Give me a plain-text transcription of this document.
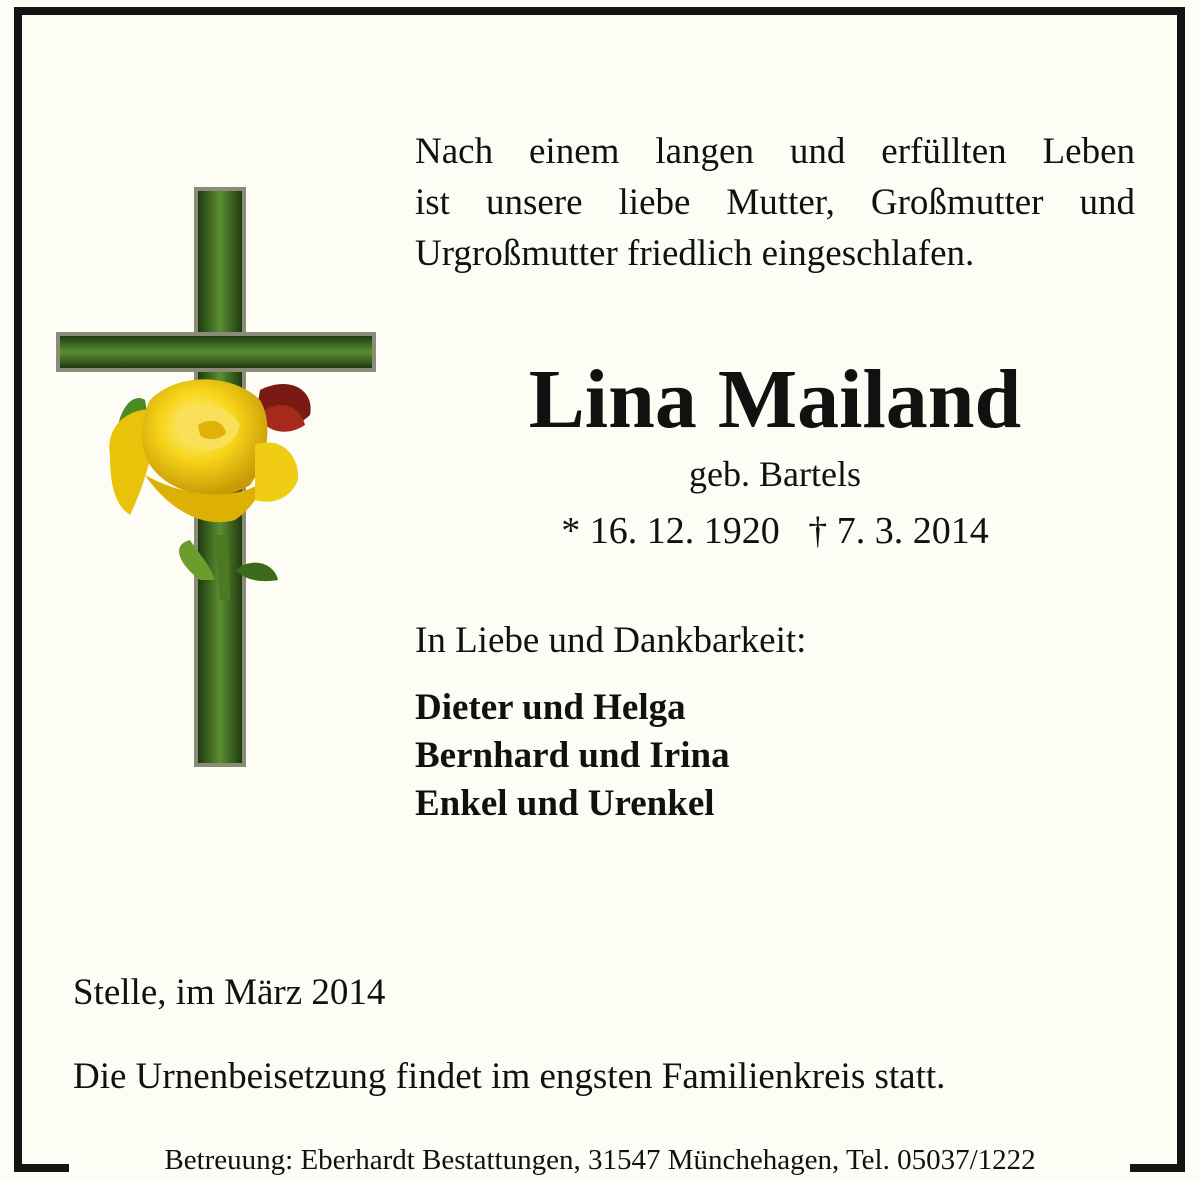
Nach einem langen und erfüllten Leben
ist unsere liebe Mutter, Großmutter und
Urgroßmutter friedlich eingeschlafen.
Lina Mailand
geb. Bartels
* 16. 12. 1920 † 7. 3. 2014
In Liebe und Dankbarkeit:
Dieter und Helga
Bernhard und Irina
Enkel und Urenkel
Stelle, im März 2014
Die Urnenbeisetzung findet im engsten Familienkreis statt.
Betreuung: Eberhardt Bestattungen, 31547 Münchehagen, Tel. 05037/1222
